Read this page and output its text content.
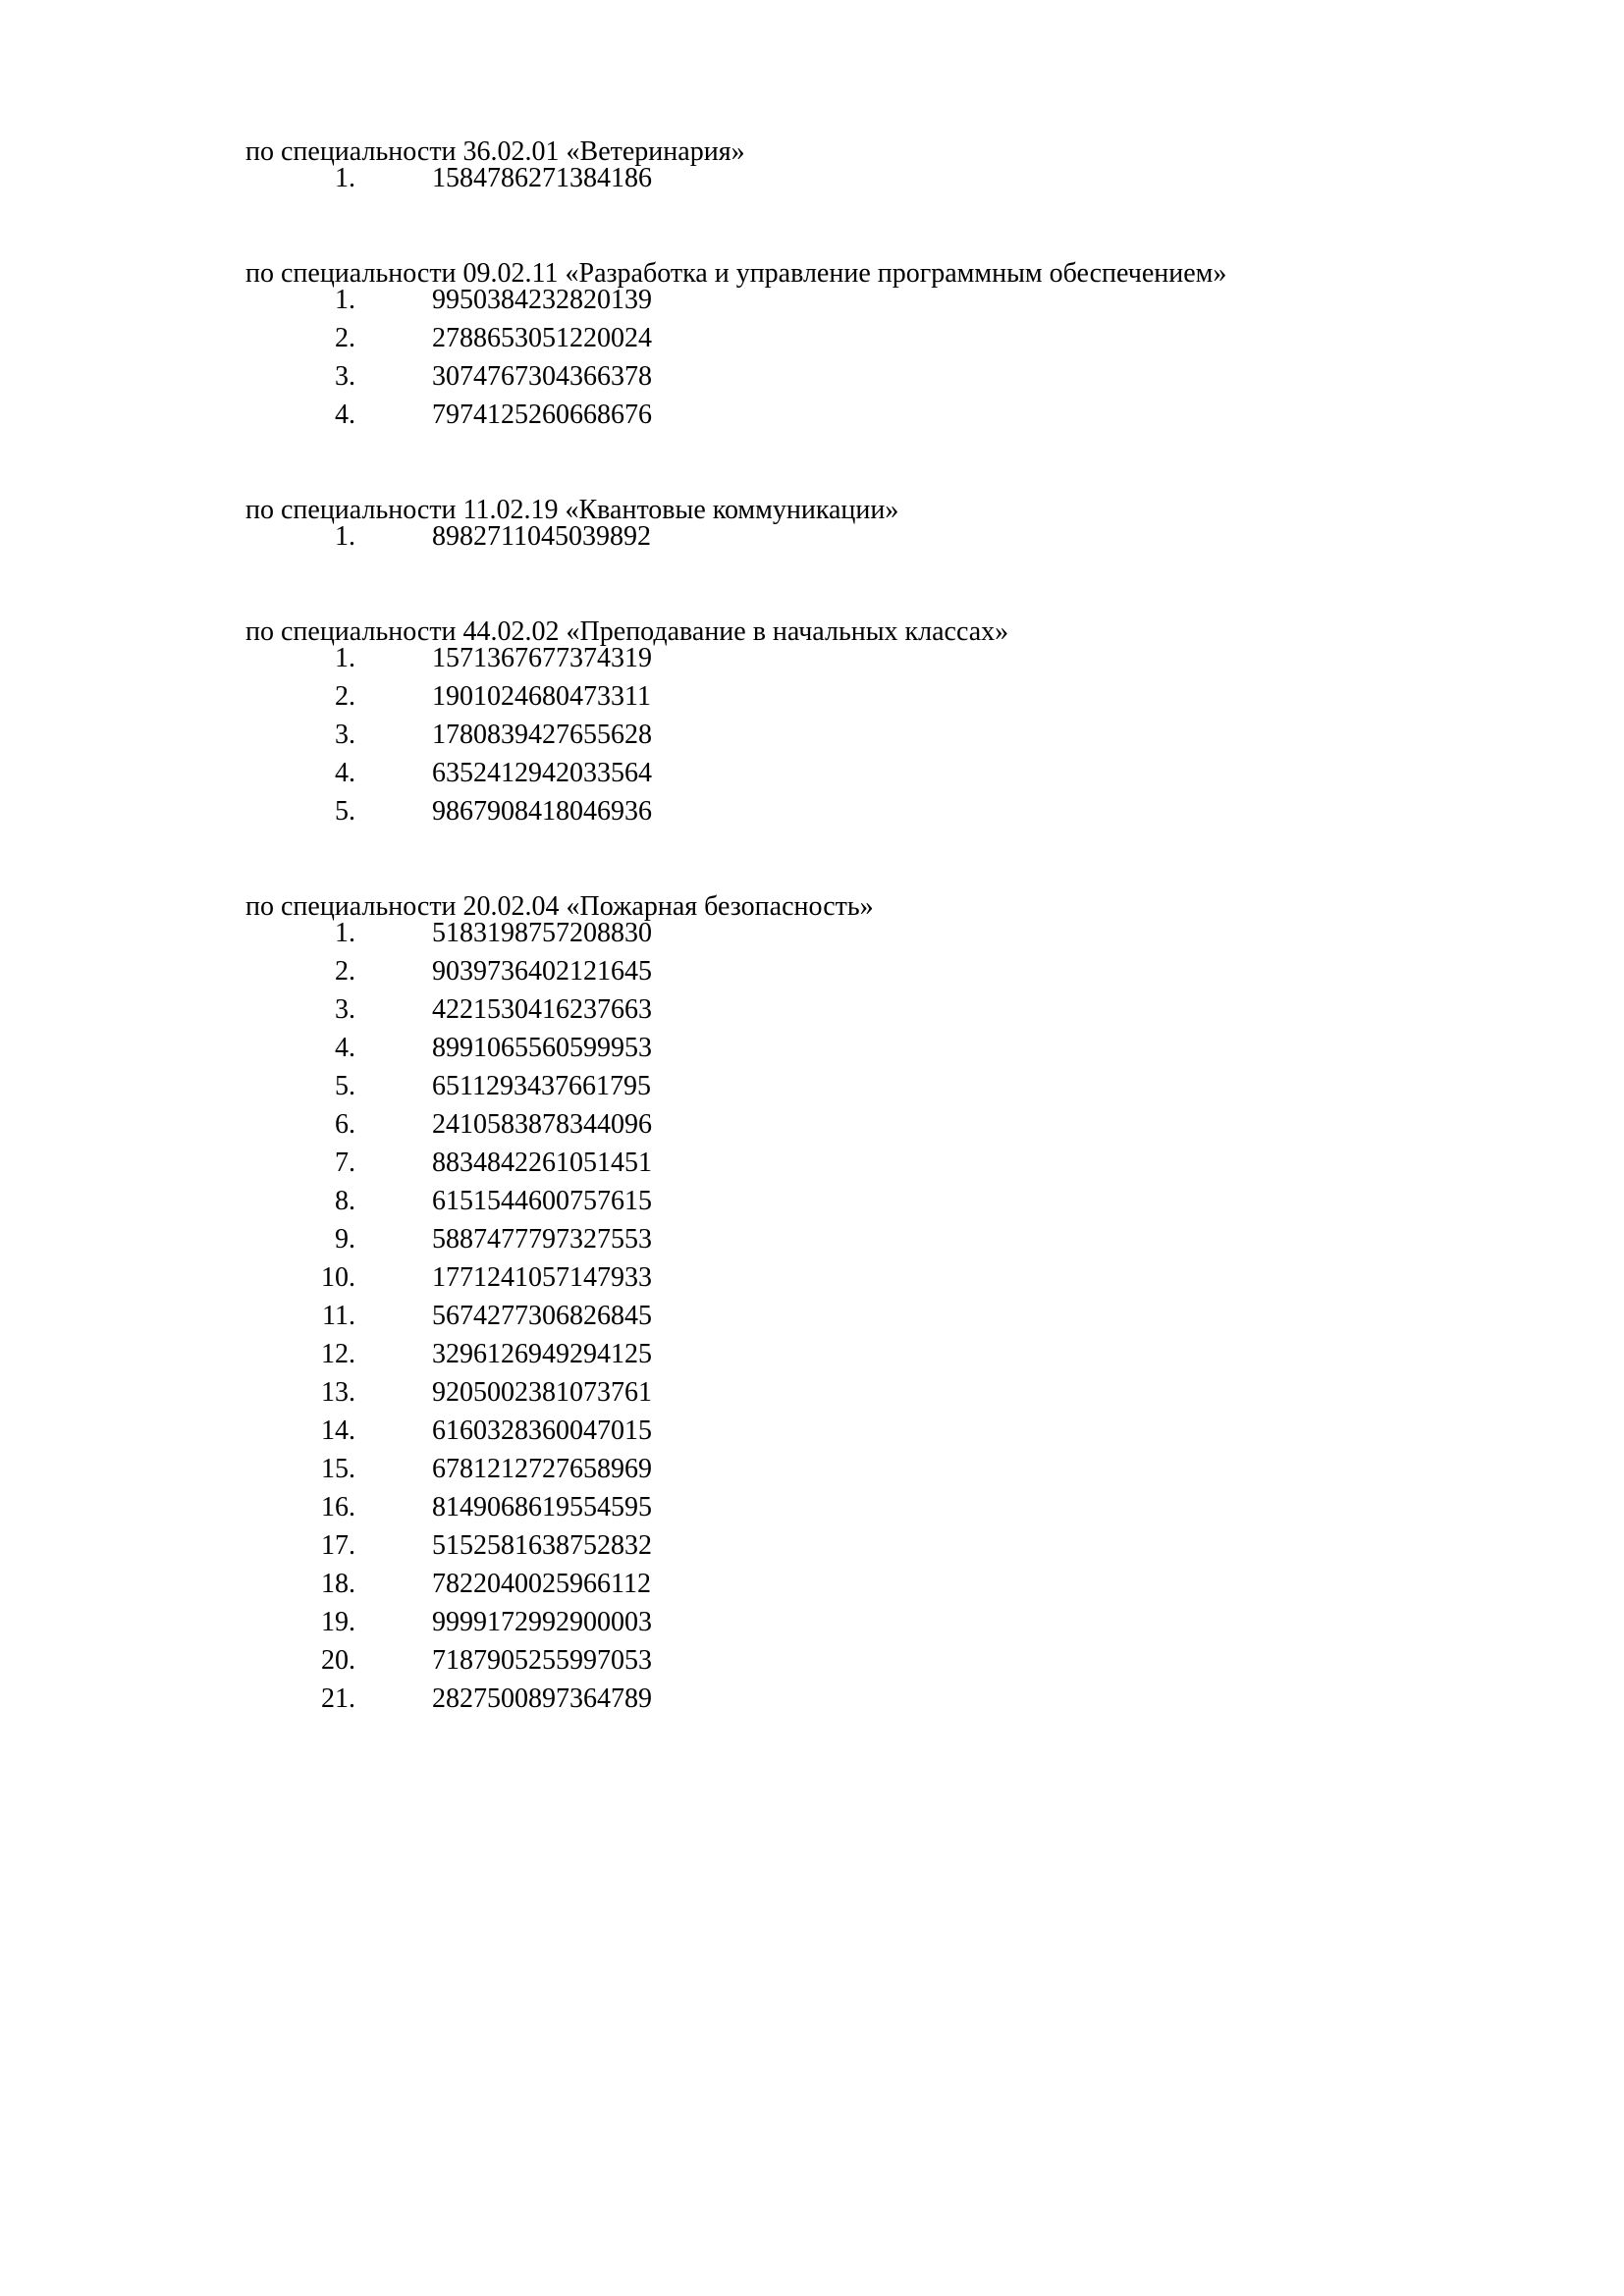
по специальности 36.02.01 «Ветеринария»
1.	1584786271384186
по специальности 09.02.11 «Разработка и управление программным обеспечением»
1.	9950384232820139
2.	2788653051220024
3.	3074767304366378
4.	7974125260668676
по специальности 11.02.19 «Квантовые коммуникации»
1.	8982711045039892
по специальности 44.02.02 «Преподавание в начальных классах»
1.	1571367677374319
2.	1901024680473311
3.	1780839427655628
4.	6352412942033564
5.	9867908418046936
по специальности 20.02.04 «Пожарная безопасность»
1.	5183198757208830
2.	9039736402121645
3.	4221530416237663
4.	8991065560599953
5.	6511293437661795
6.	2410583878344096
7.	8834842261051451
8.	6151544600757615
9.	5887477797327553
10.	1771241057147933
11.	5674277306826845
12.	3296126949294125
13.	9205002381073761
14.	6160328360047015
15.	6781212727658969
16.	8149068619554595
17.	5152581638752832
18.	7822040025966112
19.	9999172992900003
20.	7187905255997053
21.	2827500897364789
